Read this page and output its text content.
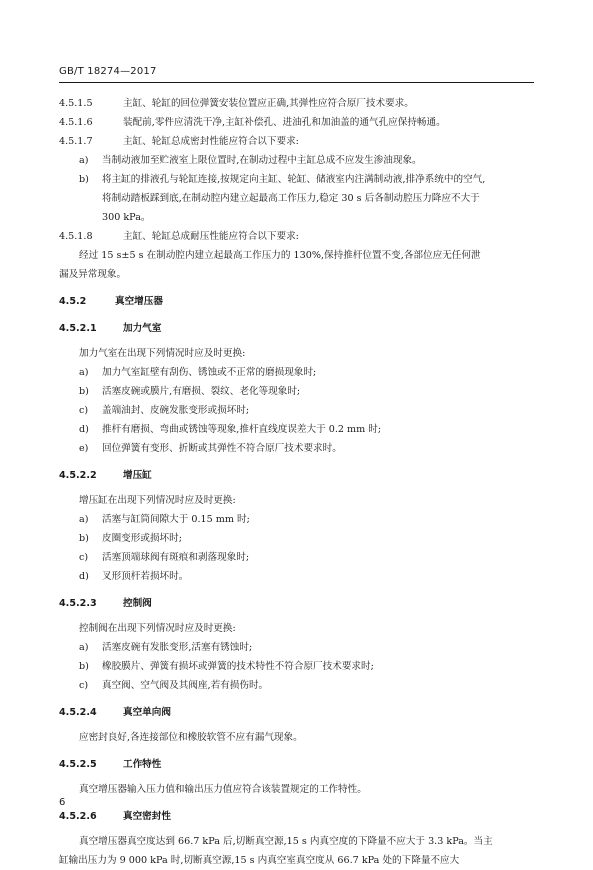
GB/T 18274—2017
4.5.1.5	主缸、轮缸的回位弹簧安装位置应正确,其弹性应符合原厂技术要求。
4.5.1.6	装配前,零件应清洗干净,主缸补偿孔、进油孔和加油盖的通气孔应保持畅通。
4.5.1.7	主缸、轮缸总成密封性能应符合以下要求:
a) 当制动液加至贮液室上限位置时,在制动过程中主缸总成不应发生渗油现象。
b) 将主缸的排液孔与轮缸连接,按规定向主缸、轮缸、储液室内注满制动液,排净系统中的空气,
将制动踏板踩到底,在制动腔内建立起最高工作压力,稳定 30 s 后各制动腔压力降应不大于
300 kPa。
4.5.1.8	主缸、轮缸总成耐压性能应符合以下要求:
经过 15 s±5 s 在制动腔内建立起最高工作压力的 130%,保持推杆位置不变,各部位应无任何泄
漏及异常现象。
4.5.2	真空增压器
4.5.2.1	加力气室
加力气室在出现下列情况时应及时更换:
a) 加力气室缸壁有刮伤、锈蚀或不正常的磨损现象时;
b) 活塞皮碗或膜片,有磨损、裂纹、老化等现象时;
c) 盖端油封、皮碗发胀变形或损坏时;
d) 推杆有磨损、弯曲或锈蚀等现象,推杆直线度误差大于 0.2 mm 时;
e) 回位弹簧有变形、折断或其弹性不符合原厂技术要求时。
4.5.2.2	增压缸
增压缸在出现下列情况时应及时更换:
a) 活塞与缸筒间隙大于 0.15 mm 时;
b) 皮圈变形或损坏时;
c) 活塞顶端球阀有斑痕和剥落现象时;
d) 叉形顶杆若损坏时。
4.5.2.3	控制阀
控制阀在出现下列情况时应及时更换:
a) 活塞皮碗有发胀变形,活塞有锈蚀时;
b) 橡胶膜片、弹簧有损坏或弹簧的技术特性不符合原厂技术要求时;
c) 真空阀、空气阀及其阀座,若有损伤时。
4.5.2.4	真空单向阀
应密封良好,各连接部位和橡胶软管不应有漏气现象。
4.5.2.5	工作特性
真空增压器输入压力值和输出压力值应符合该装置规定的工作特性。
4.5.2.6	真空密封性
真空增压器真空度达到 66.7 kPa 后,切断真空源,15 s 内真空度的下降量不应大于 3.3 kPa。当主
缸输出压力为 9 000 kPa 时,切断真空源,15 s 内真空室真空度从 66.7 kPa 处的下降量不应大
6
